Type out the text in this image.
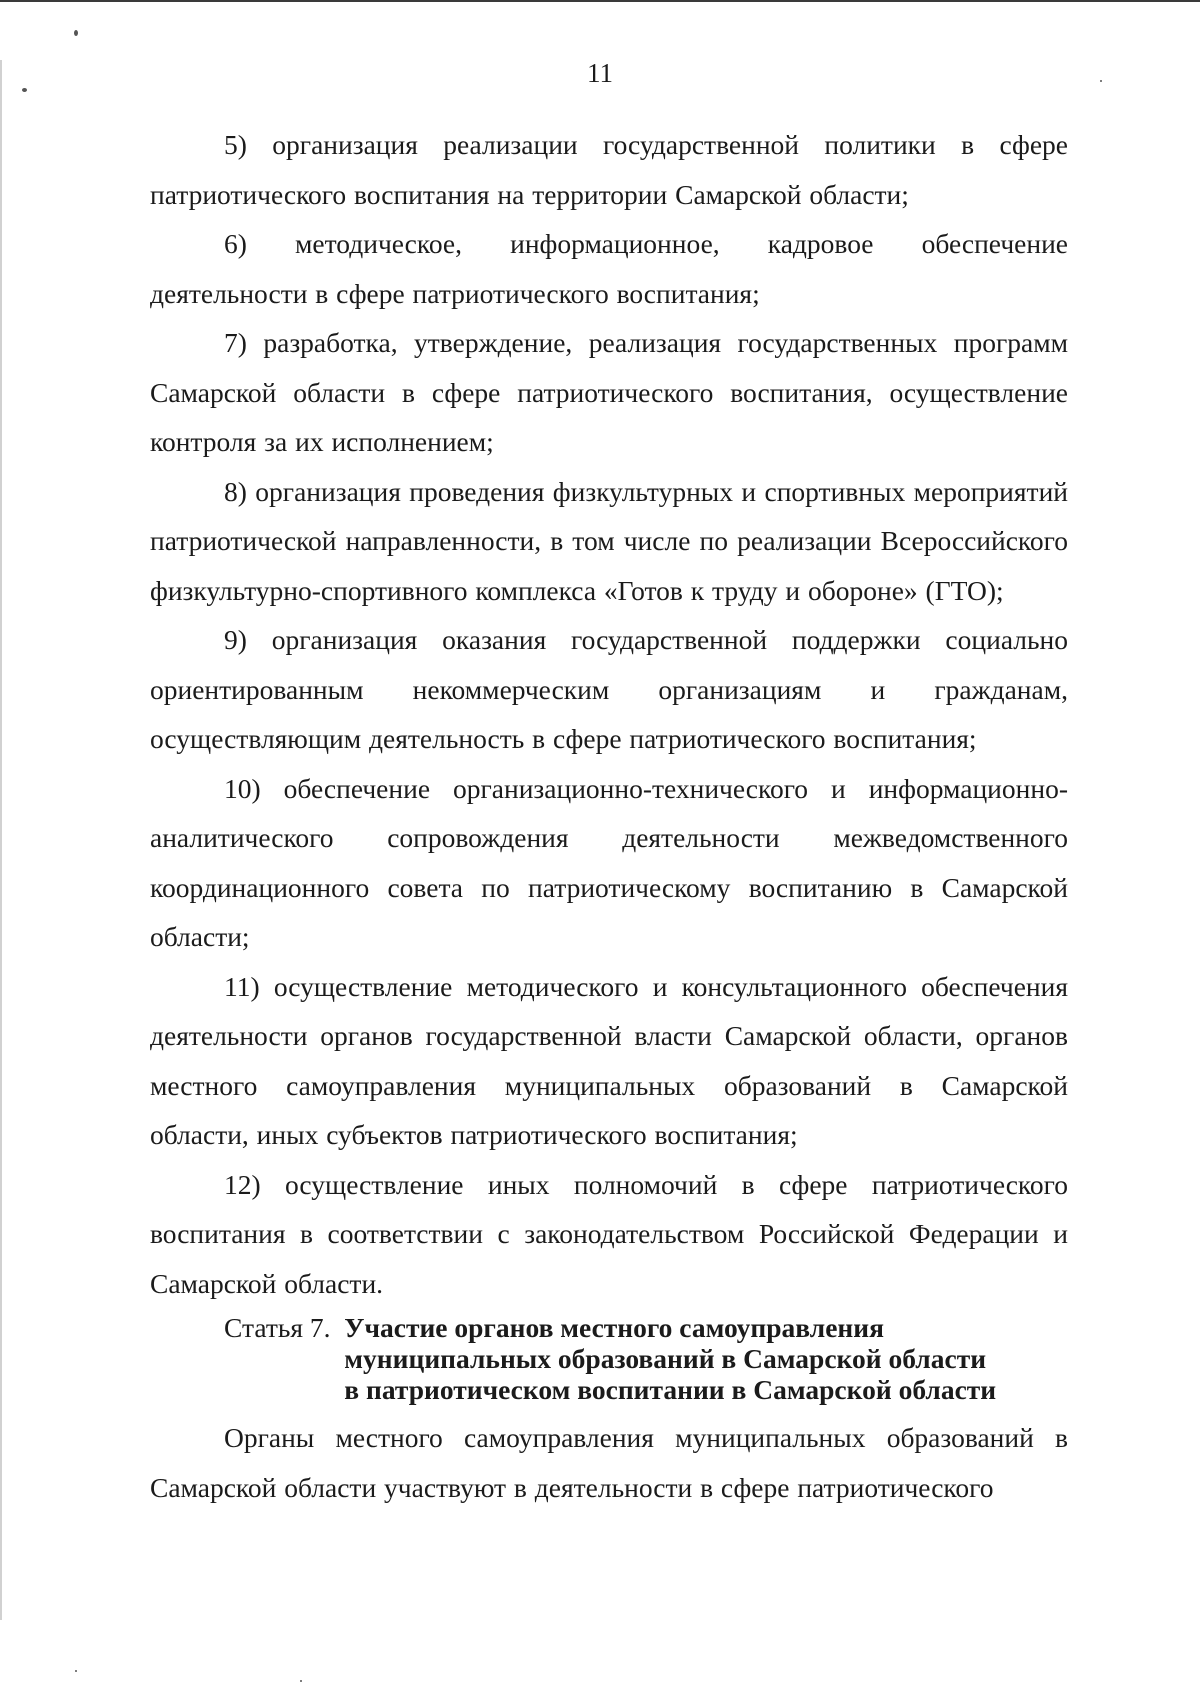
11

5) организация реализации государственной политики в сфере патриотического воспитания на территории Самарской области;

6) методическое, информационное, кадровое обеспечение деятельности в сфере патриотического воспитания;

7) разработка, утверждение, реализация государственных программ Самарской области в сфере патриотического воспитания, осуществление контроля за их исполнением;

8) организация проведения физкультурных и спортивных мероприятий патриотической направленности, в том числе по реализации Всероссийского физкультурно-спортивного комплекса «Готов к труду и обороне» (ГТО);

9) организация оказания государственной поддержки социально ориентированным некоммерческим организациям и гражданам, осуществляющим деятельность в сфере патриотического воспитания;

10) обеспечение организационно-технического и информационно-аналитического сопровождения деятельности межведомственного координационного совета по патриотическому воспитанию в Самарской области;

11) осуществление методического и консультационного обеспечения деятельности органов государственной власти Самарской области, органов местного самоуправления муниципальных образований в Самарской области, иных субъектов патриотического воспитания;

12) осуществление иных полномочий в сфере патриотического воспитания в соответствии с законодательством Российской Федерации и Самарской области.

Статья 7.
Участие органов местного самоуправления
муниципальных образований в Самарской области
в патриотическом воспитании в Самарской области

Органы местного самоуправления муниципальных образований в Самарской области участвуют в деятельности в сфере патриотического
